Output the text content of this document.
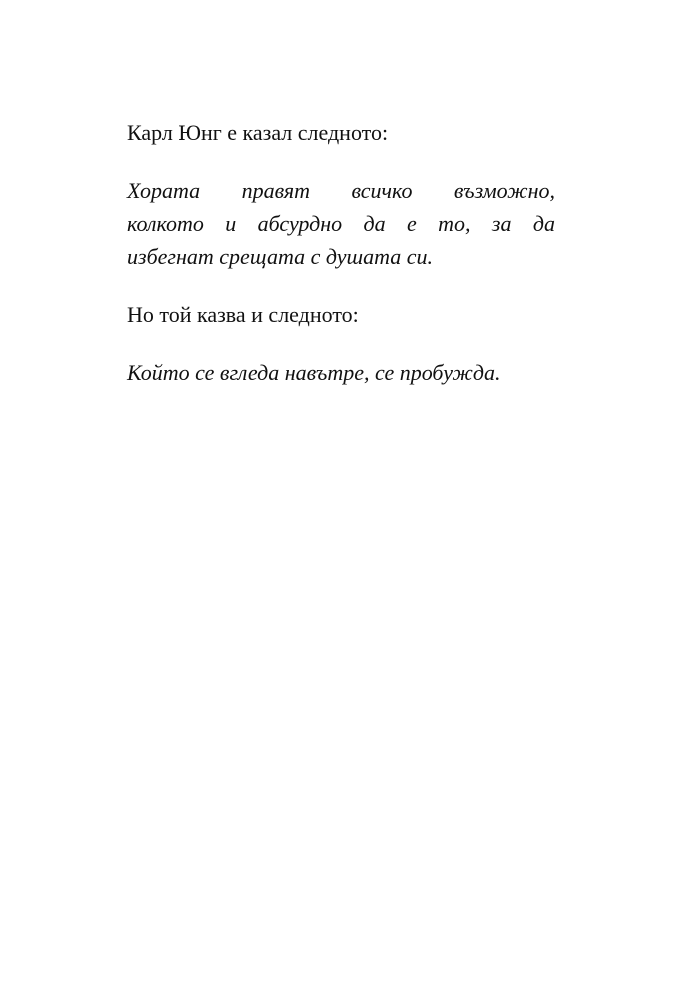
Карл Юнг е казал следното:

Хората правят всичко възможно,
колкото и абсурдно да е то, за да
избегнат срещата с душата си.

Но той казва и следното:

Който се вгледа навътре, се пробужда.
